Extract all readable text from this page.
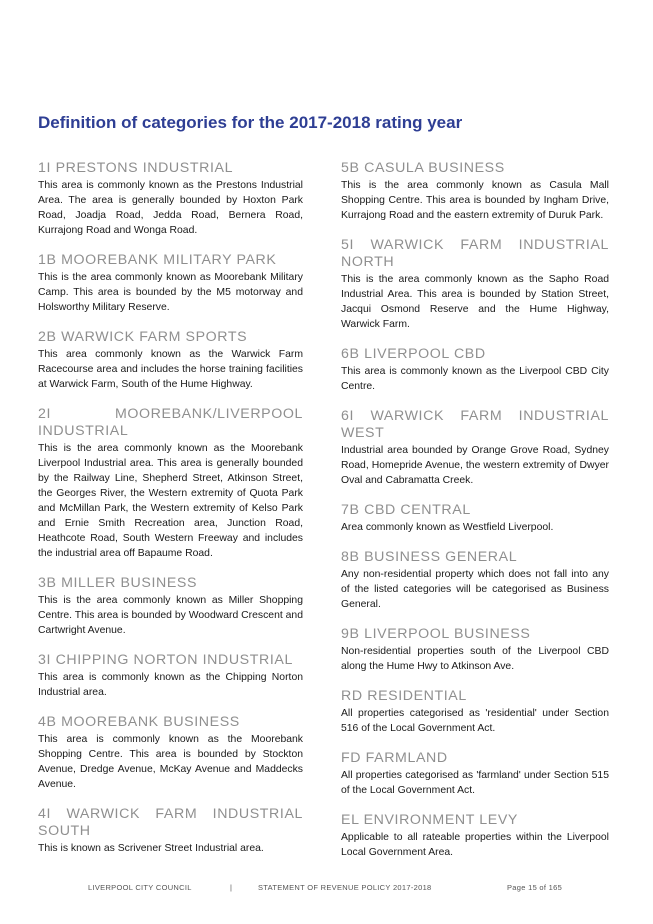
Definition of categories for the 2017-2018 rating year
1I PRESTONS INDUSTRIAL
This area is commonly known as the Prestons Industrial Area. The area is generally bounded by Hoxton Park Road, Joadja Road, Jedda Road, Bernera Road, Kurrajong Road and Wonga Road.
1B MOOREBANK MILITARY PARK
This is the area commonly known as Moorebank Military Camp. This area is bounded by the M5 motorway and Holsworthy Military Reserve.
2B WARWICK FARM SPORTS
This area commonly known as the Warwick Farm Racecourse area and includes the horse training facilities at Warwick Farm, South of the Hume Highway.
2I MOOREBANK/LIVERPOOL INDUSTRIAL
This is the area commonly known as the Moorebank Liverpool Industrial area. This area is generally bounded by the Railway Line, Shepherd Street, Atkinson Street, the Georges River, the Western extremity of Quota Park and McMillan Park, the Western extremity of Kelso Park and Ernie Smith Recreation area, Junction Road, Heathcote Road, South Western Freeway and includes the industrial area off Bapaume Road.
3B MILLER BUSINESS
This is the area commonly known as Miller Shopping Centre. This area is bounded by Woodward Crescent and Cartwright Avenue.
3I CHIPPING NORTON INDUSTRIAL
This area is commonly known as the Chipping Norton Industrial area.
4B MOOREBANK BUSINESS
This area is commonly known as the Moorebank Shopping Centre. This area is bounded by Stockton Avenue, Dredge Avenue, McKay Avenue and Maddecks Avenue.
4I WARWICK FARM INDUSTRIAL SOUTH
This is known as Scrivener Street Industrial area.
5B CASULA BUSINESS
This is the area commonly known as Casula Mall Shopping Centre. This area is bounded by Ingham Drive, Kurrajong Road and the eastern extremity of Duruk Park.
5I WARWICK FARM INDUSTRIAL NORTH
This is the area commonly known as the Sapho Road Industrial Area. This area is bounded by Station Street, Jacqui Osmond Reserve and the Hume Highway, Warwick Farm.
6B LIVERPOOL CBD
This area is commonly known as the Liverpool CBD City Centre.
6I WARWICK FARM INDUSTRIAL WEST
Industrial area bounded by Orange Grove Road, Sydney Road, Homepride Avenue, the western extremity of Dwyer Oval and Cabramatta Creek.
7B CBD CENTRAL
Area commonly known as Westfield Liverpool.
8B BUSINESS GENERAL
Any non-residential property which does not fall into any of the listed categories will be categorised as Business General.
9B LIVERPOOL BUSINESS
Non-residential properties south of the Liverpool CBD along the Hume Hwy to Atkinson Ave.
RD RESIDENTIAL
All properties categorised as 'residential' under Section 516 of the Local Government Act.
FD FARMLAND
All properties categorised as 'farmland' under Section 515 of the Local Government Act.
EL ENVIRONMENT LEVY
Applicable to all rateable properties within the Liverpool Local Government Area.
LIVERPOOL CITY COUNCIL	|	STATEMENT OF REVENUE POLICY 2017-2018	Page 15 of 165
